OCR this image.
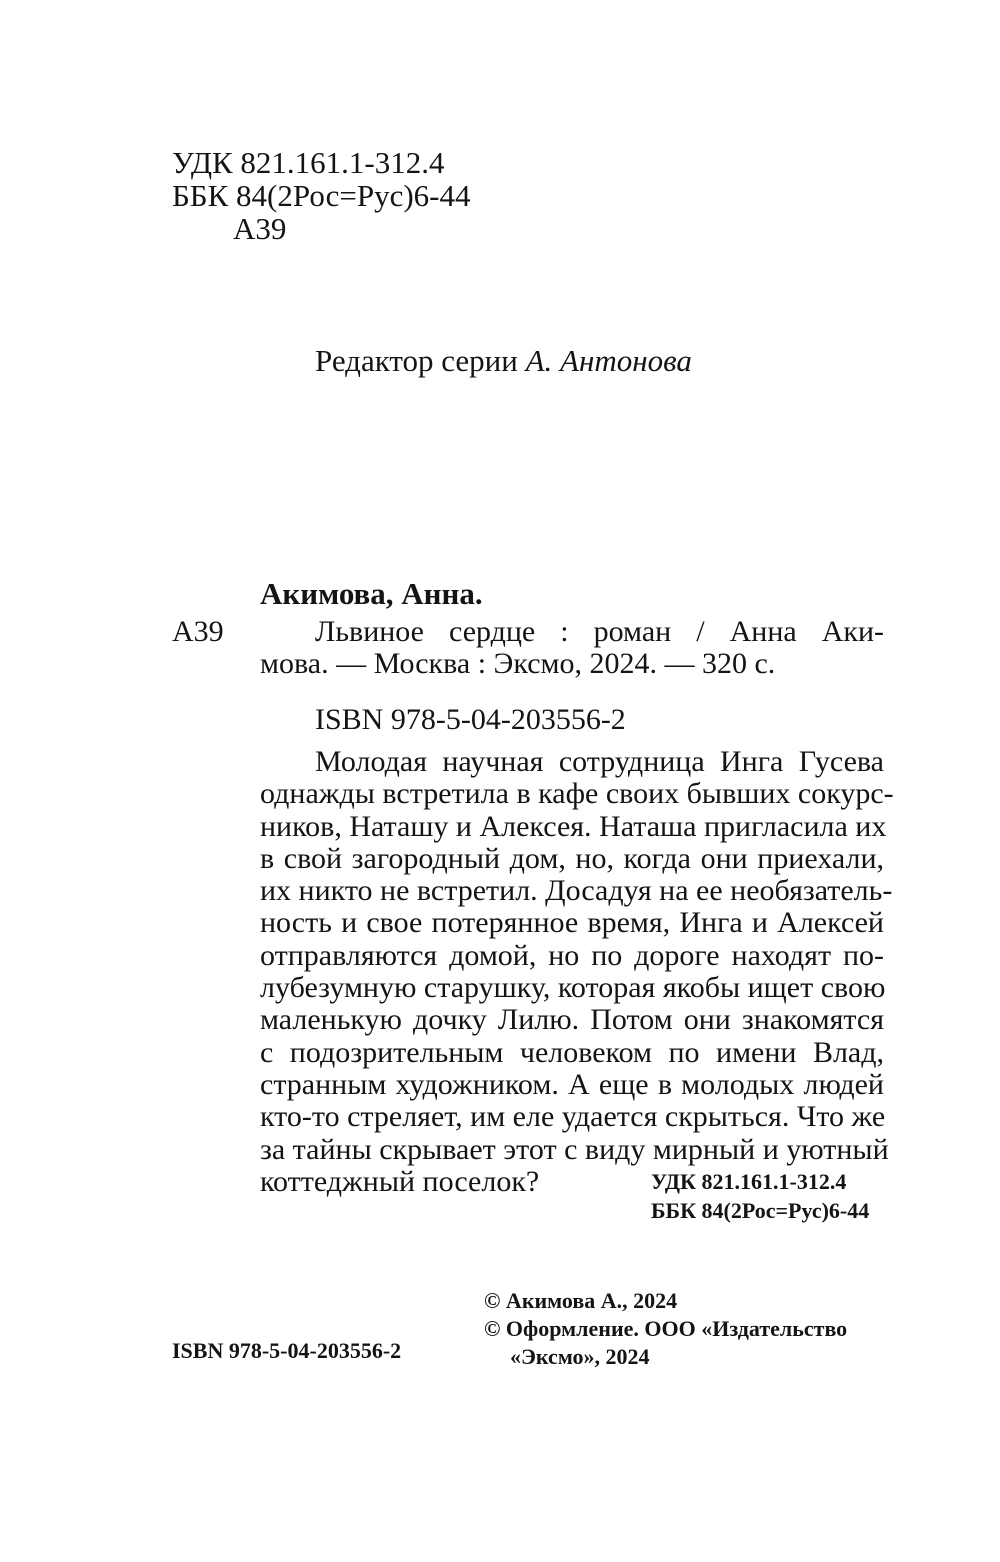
УДК 821.161.1-312.4
ББК 84(2Рос=Рус)6-44
А39
Редактор серии А. Антонова
Акимова, Анна.
А39	Львиное сердце : роман / Анна Аки-
мова. — Москва : Эксмо, 2024. — 320 с.
ISBN 978-5-04-203556-2
Молодая научная сотрудница Инга Гусева
однажды встретила в кафе своих бывших сокурс-
ников, Наташу и Алексея. Наташа пригласила их
в свой загородный дом, но, когда они приехали,
их никто не встретил. Досадуя на ее необязатель-
ность и свое потерянное время, Инга и Алексей
отправляются домой, но по дороге находят по-
лубезумную старушку, которая якобы ищет свою
маленькую дочку Лилю. Потом они знакомятся
с подозрительным человеком по имени Влад,
странным художником. А еще в молодых людей
кто-то стреляет, им еле удается скрыться. Что же
за тайны скрывает этот с виду мирный и уютный
коттеджный поселок?	УДК 821.161.1-312.4
ББК 84(2Рос=Рус)6-44
© Акимова А., 2024
© Оформление. ООО «Издательство
ISBN 978-5-04-203556-2	«Эксмо», 2024
